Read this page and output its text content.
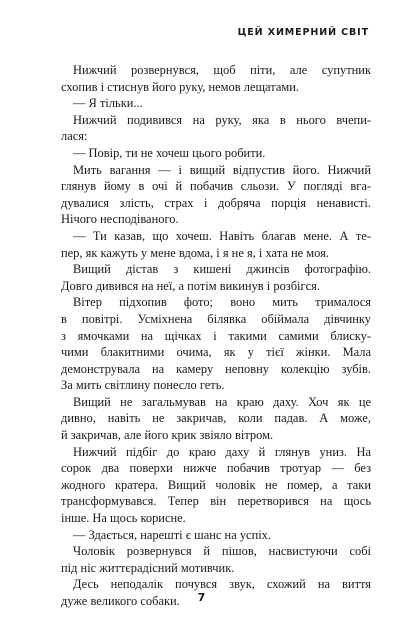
ЦЕЙ ХИМЕРНИЙ СВІТ
Нижчий розвернувся, щоб піти, але супутник
схопив і стиснув його руку, немов лещатами.
— Я тільки...
Нижчий подивився на руку, яка в нього вчепи-
лася:
— Повір, ти не хочеш цього робити.
Мить вагання — і вищий відпустив його. Нижчий
глянув йому в очі й побачив сльози. У погляді вга-
дувалися злість, страх і добряча порція ненависті.
Нічого несподіваного.
— Ти казав, що хочеш. Навіть благав мене. А те-
пер, як кажуть у мене вдома, і я не я, і хата не моя.
Вищий дістав з кишені джинсів фотографію.
Довго дивився на неї, а потім викинув і розбігся.
Вітер підхопив фото; воно мить трималося
в повітрі. Усміхнена білявка обіймала дівчинку
з ямочками на щічках і такими самими блиску-
чими блакитними очима, як у тієї жінки. Мала
демонструвала на камеру неповну колекцію зубів.
За мить світлину понесло геть.
Вищий не загальмував на краю даху. Хоч як це
дивно, навіть не закричав, коли падав. А може,
й закричав, але його крик звіяло вітром.
Нижчий підбіг до краю даху й глянув униз. На
сорок два поверхи нижче побачив тротуар — без
жодного кратера. Вищий чоловік не помер, а таки
трансформувався. Тепер він перетворився на щось
інше. На щось корисне.
— Здається, нарешті є шанс на успіх.
Чоловік розвернувся й пішов, насвистуючи собі
під ніс життєрадісний мотивчик.
Десь неподалік почувся звук, схожий на виття
дуже великого собаки.	7
